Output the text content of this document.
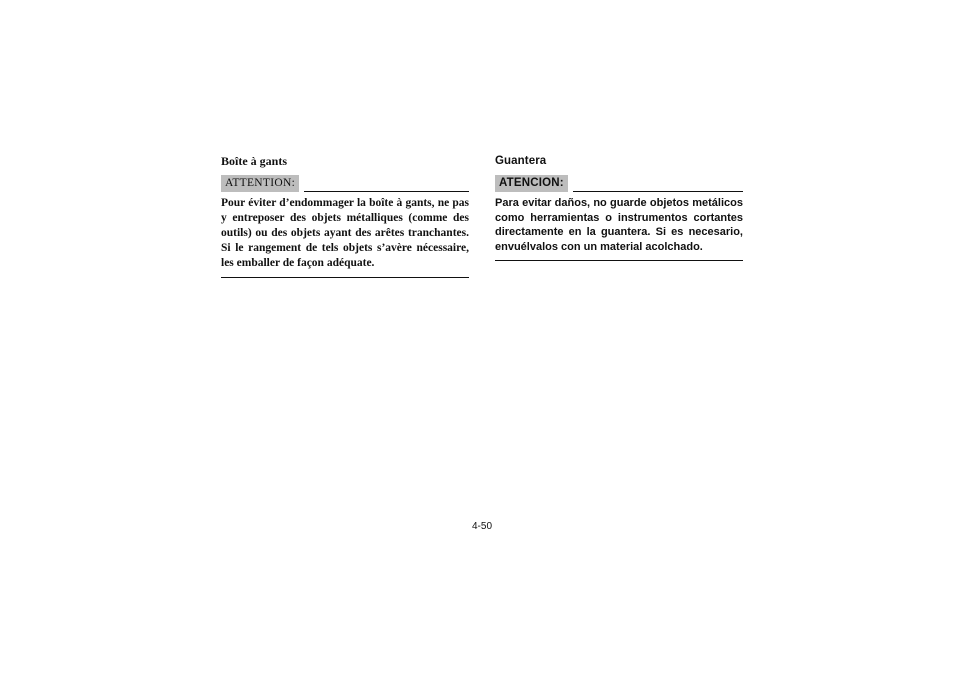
Boîte à gants
ATTENTION:

Pour éviter d’endommager la boîte à gants, ne pas y entreposer des objets métalliques (comme des outils) ou des objets ayant des arêtes tranchantes. Si le rangement de tels objets s’avère nécessaire, les emballer de façon adéquate.

Guantera
ATENCION:

Para evitar daños, no guarde objetos metálicos como herramientas o instrumentos cortantes directamente en la guantera. Si es necesario, envuélvalos con un material acolchado.

4-50
